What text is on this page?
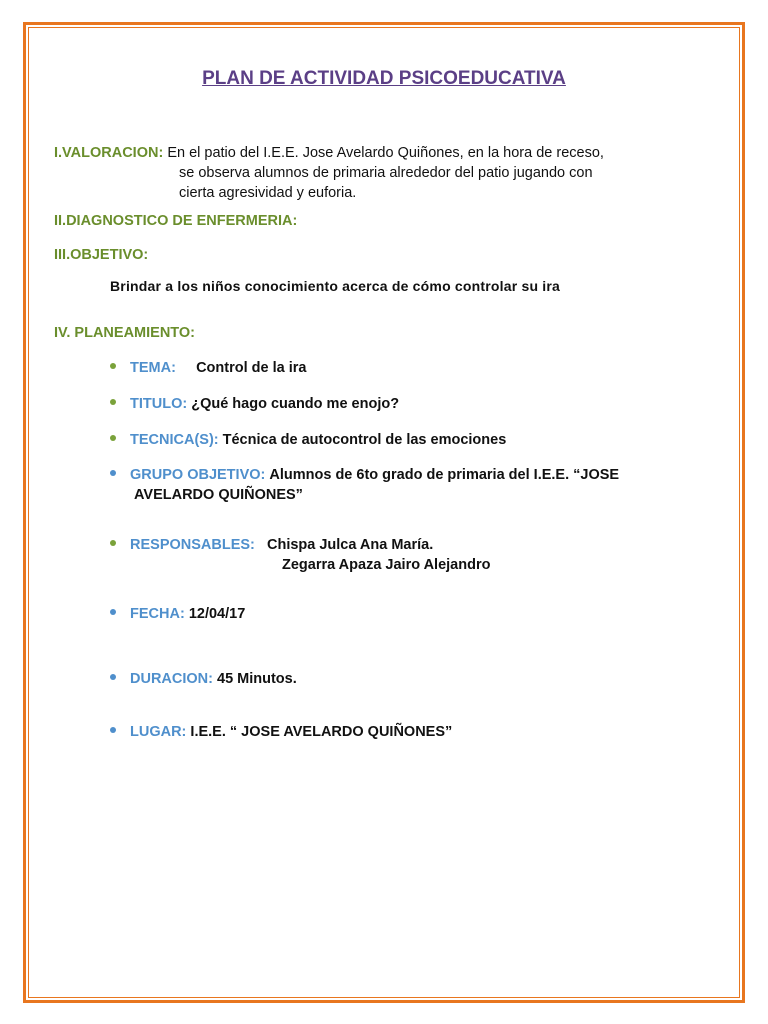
PLAN DE ACTIVIDAD PSICOEDUCATIVA
I.VALORACION: En el patio del I.E.E. Jose Avelardo Quiñones, en la hora de receso,
se observa alumnos de primaria alrededor del patio jugando con
cierta agresividad y euforia.
II.DIAGNOSTICO DE ENFERMERIA:
III.OBJETIVO:
Brindar a los niños conocimiento acerca de cómo controlar su ira
IV. PLANEAMIENTO:
TEMA: Control de la ira
TITULO: ¿Qué hago cuando me enojo?
TECNICA(S): Técnica de autocontrol de las emociones
GRUPO OBJETIVO: Alumnos de 6to grado de primaria del I.E.E. “JOSE
AVELARDO QUIÑONES”
RESPONSABLES: Chispa Julca Ana María.
Zegarra Apaza Jairo Alejandro
FECHA: 12/04/17
DURACION: 45 Minutos.
LUGAR: I.E.E. “ JOSE AVELARDO QUIÑONES”
